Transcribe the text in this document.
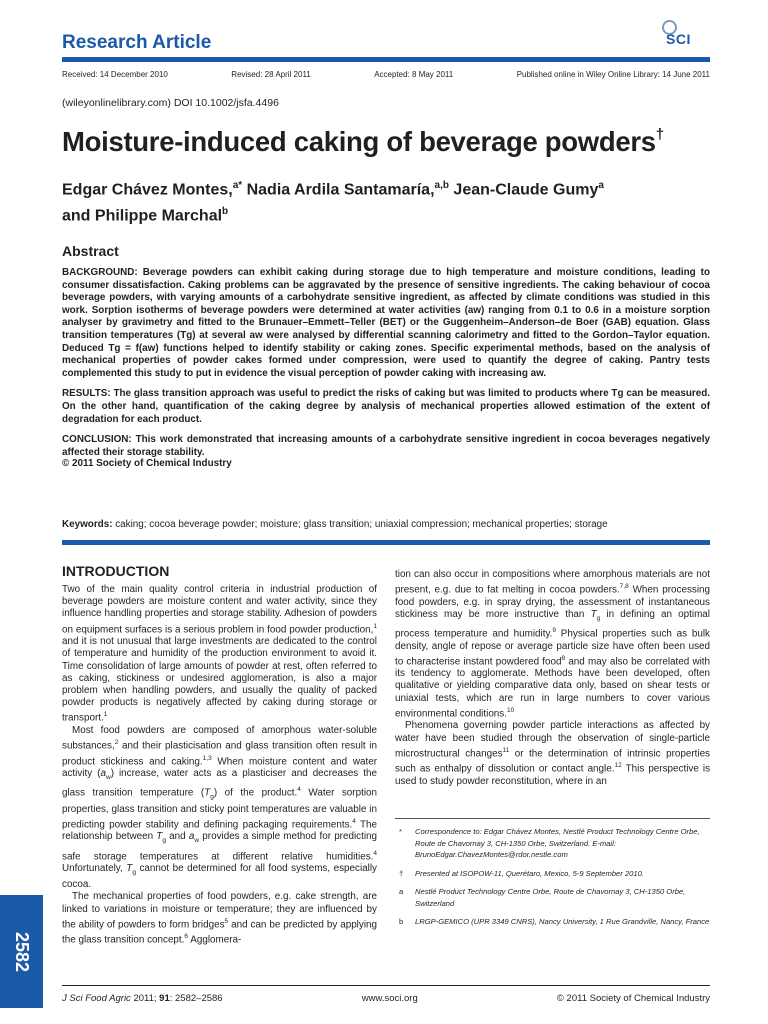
Research Article	SCI
Received: 14 December 2010	Revised: 28 April 2011	Accepted: 8 May 2011	Published online in Wiley Online Library: 14 June 2011
(wileyonlinelibrary.com) DOI 10.1002/jsfa.4496
Moisture-induced caking of beverage powders†
Edgar Chávez Montes,$^{a*}$ Nadia Ardila Santamaría,$^{a,b}$ Jean-Claude Gumy$^a$
and Philippe Marchal$^b$
Abstract

BACKGROUND: Beverage powders can exhibit caking during storage due to high temperature and moisture conditions, leading to consumer dissatisfaction. Caking problems can be aggravated by the presence of sensitive ingredients. The caking behaviour of cocoa beverage powders, with varying amounts of a carbohydrate sensitive ingredient, as affected by climate conditions was studied in this work. Sorption isotherms of beverage powders were determined at water activities (aw) ranging from 0.1 to 0.6 in a moisture sorption analyser by gravimetry and fitted to the Brunauer–Emmett–Teller (BET) or the Guggenheim–Anderson–de Boer (GAB) equation. Glass transition temperatures (Tg) at several aw were analysed by differential scanning calorimetry and fitted to the Gordon–Taylor equation. Deduced Tg = f(aw) functions helped to identify stability or caking zones. Specific experimental methods, based on the analysis of mechanical properties of powder cakes formed under compression, were used to quantify the degree of caking. Pantry tests complemented this study to put in evidence the visual perception of powder caking with increasing aw.

RESULTS: The glass transition approach was useful to predict the risks of caking but was limited to products where Tg can be measured. On the other hand, quantification of the caking degree by analysis of mechanical properties allowed estimation of the extent of degradation for each product.

CONCLUSION: This work demonstrated that increasing amounts of a carbohydrate sensitive ingredient in cocoa beverages negatively affected their storage stability.

© 2011 Society of Chemical Industry
Keywords: caking; cocoa beverage powder; moisture; glass transition; uniaxial compression; mechanical properties; storage
INTRODUCTION

Two of the main quality control criteria in industrial production of beverage powders are moisture content and water activity, since they influence handling properties and storage stability. Adhesion of powders on equipment surfaces is a serious problem in food powder production,$^1$ and it is not unusual that large investments are dedicated to the control of temperature and humidity of the production environment to avoid it. Time consolidation of large amounts of powder at rest, often referred to as caking, stickiness or undesired agglomeration, is also a major problem when handling powders, and usually the quality of packed powder products is negatively affected by caking during storage or transport.$^1$

Most food powders are composed of amorphous water-soluble substances,$^2$ and their plasticisation and glass transition often result in product stickiness and caking.$^{1,3}$ When moisture content and water activity $(a_w)$ increase, water acts as a plasticiser and decreases the glass transition temperature $(T_g)$ of the product.$^4$ Water sorption properties, glass transition and sticky point temperatures are valuable in predicting powder stability and defining packaging requirements.$^4$ The relationship between $T_g$ and $a_w$ provides a simple method for predicting safe storage temperatures at different relative humidities.$^4$ Unfortunately, $T_g$ cannot be determined for all food systems, especially cocoa.

The mechanical properties of food powders, e.g. cake strength, are linked to variations in moisture or temperature; they are influenced by the ability of powders to form bridges$^5$ and can be predicted by applying the glass transition concept.$^6$ Agglomera-

tion can also occur in compositions where amorphous materials are not present, e.g. due to fat melting in cocoa powders.$^{7,8}$ When processing food powders, e.g. in spray drying, the assessment of instantaneous stickiness may be more instructive than $T_g$ in defining an optimal process temperature and humidity.$^9$ Physical properties such as bulk density, angle of repose or average particle size have often been used to characterise instant powdered food$^8$ and may also be correlated with its tendency to agglomerate. Methods have been developed, often qualitative or yielding comparative data only, based on shear tests or uniaxial tests, which are run in large numbers to cover various environmental conditions.$^{10}$

Phenomena governing powder particle interactions as affected by water have been studied through the observation of single-particle microstructural changes$^{11}$ or the determination of intrinsic properties such as enthalpy of dissolution or contact angle.$^{12}$ This perspective is used to study powder reconstitution, where in an

*	Correspondence to: Edgar Chávez Montes, Nestlé Product Technology Centre Orbe, Route de Chavornay 3, CH-1350 Orbe, Switzerland. E-mail: BrunoEdgar.ChavezMontes@rdor.nestle.com
†	Presented at ISOPOW-11, Querétaro, Mexico, 5-9 September 2010.
a	Nestlé Product Technology Centre Orbe, Route de Chavornay 3, CH-1350 Orbe, Switzerland
b	LRGP-GEMICO (UPR 3349 CNRS), Nancy University, 1 Rue Grandville, Nancy, France
2582
J Sci Food Agric 2011; 91: 2582–2586	www.soci.org	© 2011 Society of Chemical Industry
